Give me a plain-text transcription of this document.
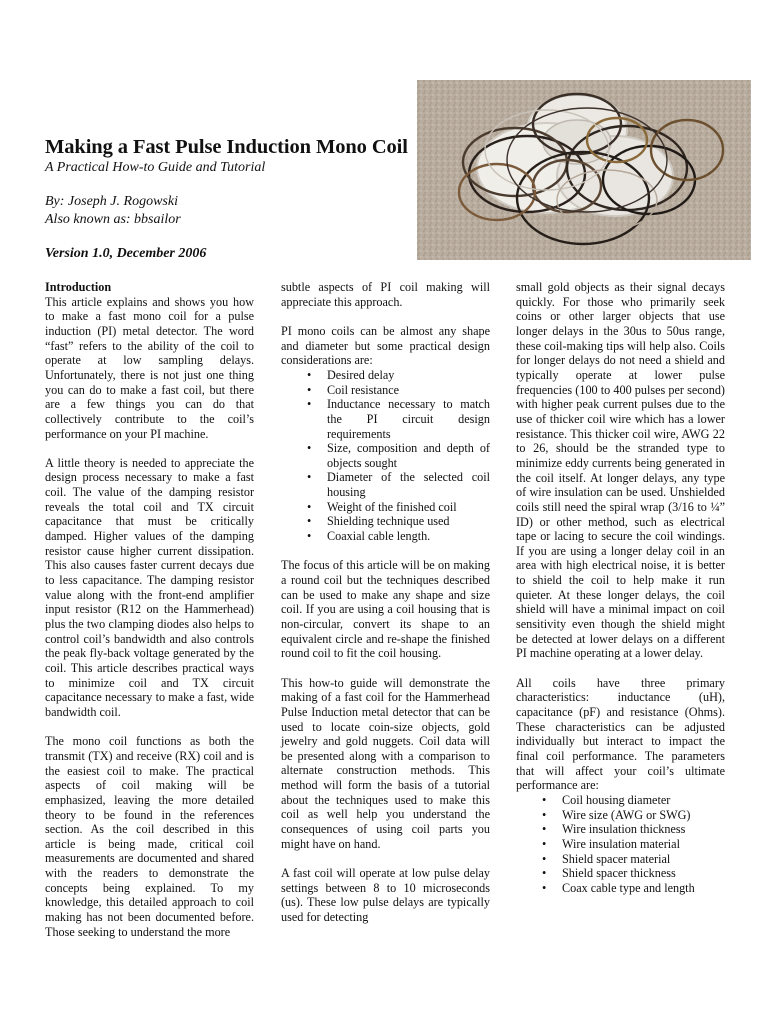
Making a Fast Pulse Induction Mono Coil
A Practical How-to Guide and Tutorial
By: Joseph J. Rogowski
Also known as: bbsailor
Version 1.0, December 2006

Introduction
This article explains and shows you how to make a fast mono coil for a pulse induction (PI) metal detector. The word “fast” refers to the ability of the coil to operate at low sampling delays. Unfortunately, there is not just one thing you can do to make a fast coil, but there are a few things you can do that collectively contribute to the coil’s performance on your PI machine.

A little theory is needed to appreciate the design process necessary to make a fast coil. The value of the damping resistor reveals the total coil and TX circuit capacitance that must be critically damped. Higher values of the damping resistor cause higher current dissipation. This also causes faster current decays due to less capacitance. The damping resistor value along with the front-end amplifier input resistor (R12 on the Hammerhead) plus the two clamping diodes also helps to control coil’s bandwidth and also controls the peak fly-back voltage generated by the coil. This article describes practical ways to minimize coil and TX circuit capacitance necessary to make a fast, wide bandwidth coil.

The mono coil functions as both the transmit (TX) and receive (RX) coil and is the easiest coil to make. The practical aspects of coil making will be emphasized, leaving the more detailed theory to be found in the references section. As the coil described in this article is being made, critical coil measurements are documented and shared with the readers to demonstrate the concepts being explained. To my knowledge, this detailed approach to coil making has not been documented before. Those seeking to understand the more

subtle aspects of PI coil making will appreciate this approach.

PI mono coils can be almost any shape and diameter but some practical design considerations are:

• Desired delay
• Coil resistance
• Inductance necessary to match the PI circuit design requirements
• Size, composition and depth of objects sought
• Diameter of the selected coil housing
• Weight of the finished coil
• Shielding technique used
• Coaxial cable length.

The focus of this article will be on making a round coil but the techniques described can be used to make any shape and size coil. If you are using a coil housing that is non-circular, convert its shape to an equivalent circle and re-shape the finished round coil to fit the coil housing.

This how-to guide will demonstrate the making of a fast coil for the Hammerhead Pulse Induction metal detector that can be used to locate coin-size objects, gold jewelry and gold nuggets. Coil data will be presented along with a comparison to alternate construction methods. This method will form the basis of a tutorial about the techniques used to make this coil as well help you understand the consequences of using coil parts you might have on hand.

A fast coil will operate at low pulse delay settings between 8 to 10 microseconds (us). These low pulse delays are typically used for detecting

small gold objects as their signal decays quickly. For those who primarily seek coins or other larger objects that use longer delays in the 30us to 50us range, these coil-making tips will help also. Coils for longer delays do not need a shield and typically operate at lower pulse frequencies (100 to 400 pulses per second) with higher peak current pulses due to the use of thicker coil wire which has a lower resistance. This thicker coil wire, AWG 22 to 26, should be the stranded type to minimize eddy currents being generated in the coil itself. At longer delays, any type of wire insulation can be used. Unshielded coils still need the spiral wrap (3/16 to ¼” ID) or other method, such as electrical tape or lacing to secure the coil windings. If you are using a longer delay coil in an area with high electrical noise, it is better to shield the coil to help make it run quieter. At these longer delays, the coil shield will have a minimal impact on coil sensitivity even though the shield might be detected at lower delays on a different PI machine operating at a lower delay.

All coils have three primary characteristics: inductance (uH), capacitance (pF) and resistance (Ohms). These characteristics can be adjusted individually but interact to impact the final coil performance. The parameters that will affect your coil’s ultimate performance are:

• Coil housing diameter
• Wire size (AWG or SWG)
• Wire insulation thickness
• Wire insulation material
• Shield spacer material
• Shield spacer thickness
• Coax cable type and length
